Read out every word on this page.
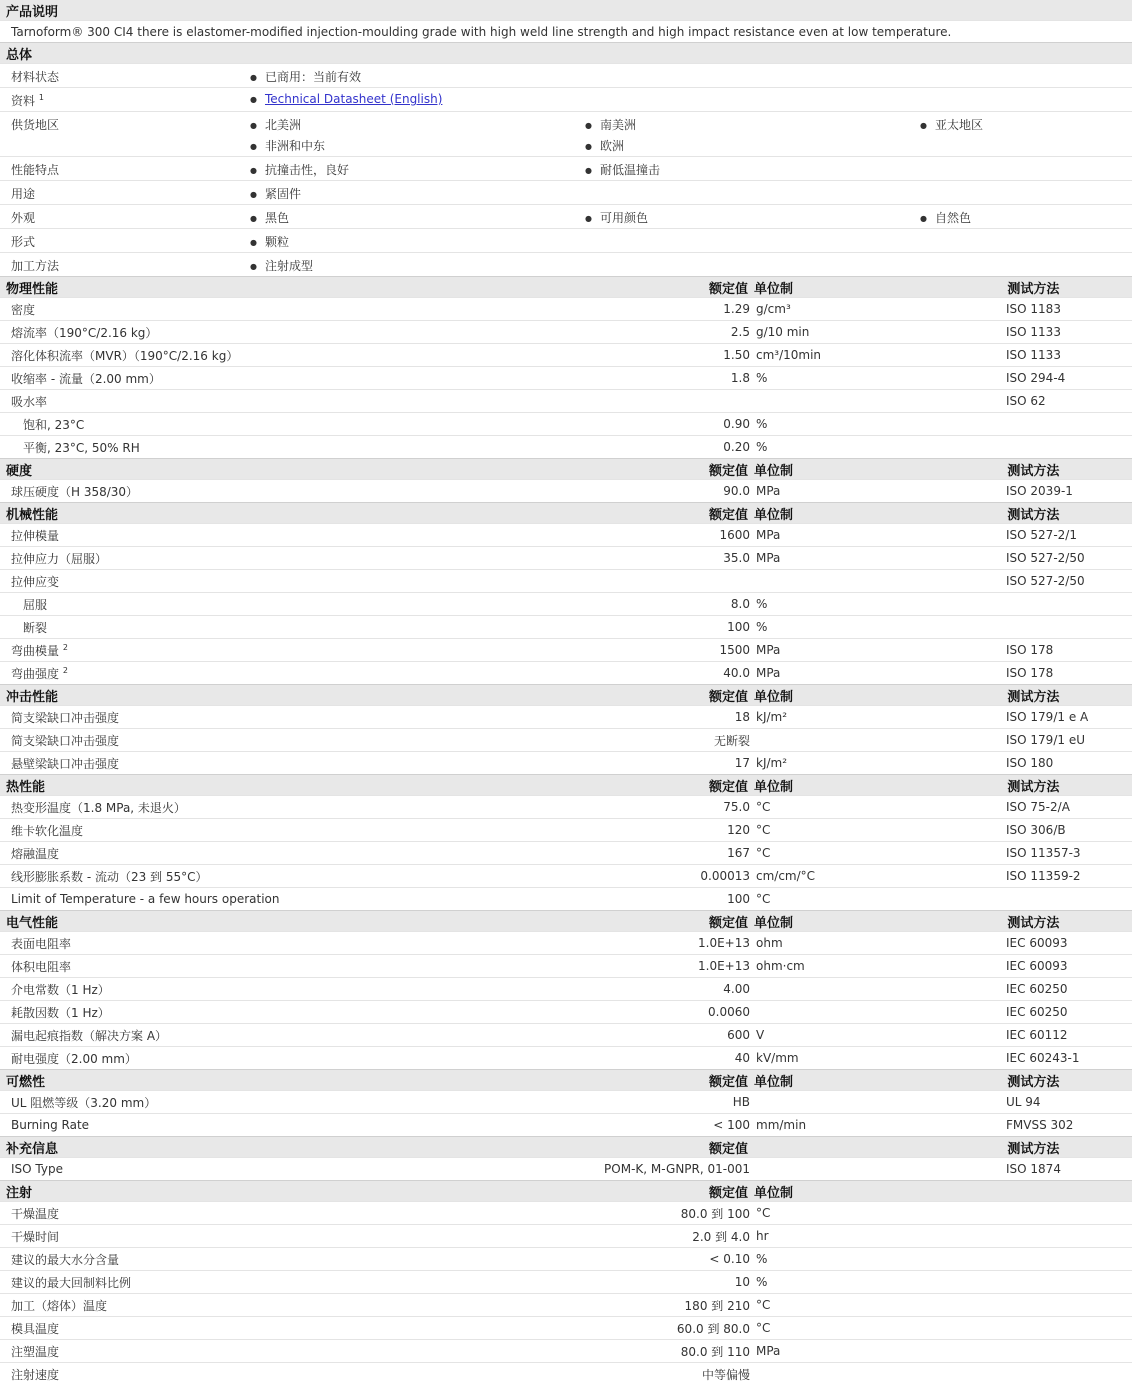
产品说明
Tarnoform® 300 CI4 there is elastomer-modified injection-moulding grade with high weld line strength and high impact resistance even at low temperature.
总体
材料状态	● 已商用：当前有效
资料 $^1$	● Technical Datasheet (English)
供货地区	● 北美洲	● 南美洲	● 亚太地区
● 非洲和中东	● 欧洲
性能特点	● 抗撞击性，良好	● 耐低温撞击
用途	● 紧固件
外观	● 黑色	● 可用颜色	● 自然色
形式	● 颗粒
加工方法	● 注射成型
物理性能	额定值 单位制	测试方法
密度	1.29 g/cm³	ISO 1183
熔流率（190°C/2.16 kg）	2.5 g/10 min	ISO 1133
溶化体积流率（MVR）（190°C/2.16 kg）	1.50 cm³/10min	ISO 1133
收缩率 - 流量（2.00 mm）	1.8 %	ISO 294-4
吸水率	ISO 62
饱和, 23°C	0.90 %
平衡, 23°C, 50% RH	0.20 %
硬度	额定值 单位制	测试方法
球压硬度（H 358/30）	90.0 MPa	ISO 2039-1
机械性能	额定值 单位制	测试方法
拉伸模量	1600 MPa	ISO 527-2/1
拉伸应力（屈服）	35.0 MPa	ISO 527-2/50
拉伸应变	ISO 527-2/50
屈服	8.0 %
断裂	100 %
弯曲模量 $^2$	1500 MPa	ISO 178
弯曲强度 $^2$	40.0 MPa	ISO 178
冲击性能	额定值 单位制	测试方法
简支梁缺口冲击强度	18 kJ/m²	ISO 179/1 e A
简支梁缺口冲击强度	无断裂	ISO 179/1 eU
悬壁梁缺口冲击强度	17 kJ/m²	ISO 180
热性能	额定值 单位制	测试方法
热变形温度（1.8 MPa, 未退火）	75.0 °C	ISO 75-2/A
维卡软化温度	120 °C	ISO 306/B
熔融温度	167 °C	ISO 11357-3
线形膨胀系数 - 流动（23 到 55°C）	0.00013 cm/cm/°C	ISO 11359-2
Limit of Temperature - a few hours operation	100 °C
电气性能	额定值 单位制	测试方法
表面电阻率	1.0E+13 ohm	IEC 60093
体积电阻率	1.0E+13 ohm·cm	IEC 60093
介电常数（1 Hz）	4.00	IEC 60250
耗散因数（1 Hz）	0.0060	IEC 60250
漏电起痕指数（解决方案 A）	600 V	IEC 60112
耐电强度（2.00 mm）	40 kV/mm	IEC 60243-1
可燃性	额定值 单位制	测试方法
UL 阻燃等级（3.20 mm）	HB	UL 94
Burning Rate	< 100 mm/min	FMVSS 302
补充信息	额定值	测试方法
ISO Type	POM-K, M-GNPR, 01-001	ISO 1874
注射	额定值 单位制
干燥温度	80.0 到 100 °C
干燥时间	2.0 到 4.0 hr
建议的最大水分含量	< 0.10 %
建议的最大回制料比例	10 %
加工（熔体）温度	180 到 210 °C
模具温度	60.0 到 80.0 °C
注塑温度	80.0 到 110 MPa
注射速度	中等偏慢
